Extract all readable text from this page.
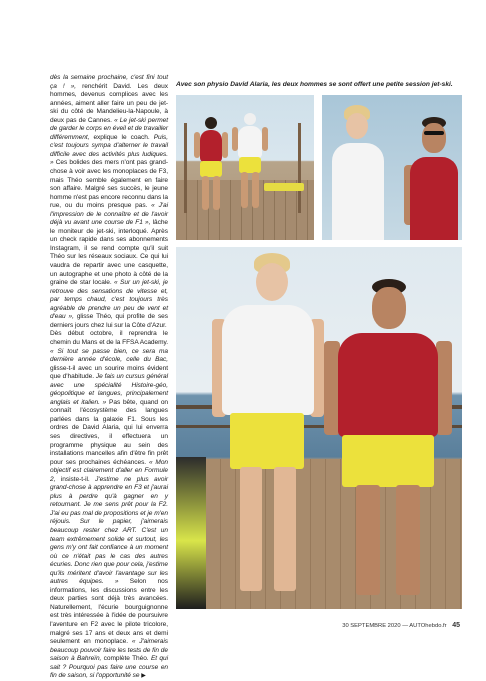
dès la semaine prochaine, c'est fini tout ça ! », renchérit David. Les deux hommes, devenus complices avec les années, aiment aller faire un peu de jet-ski du côté de Mandelieu-la-Napoule, à deux pas de Cannes. « Le jet-ski permet de garder le corps en éveil et de travailler différemment, explique le coach. Puis, c'est toujours sympa d'alterner le travail difficile avec des activités plus ludiques. » Ces bolides des mers n'ont pas grand-chose à voir avec les monoplaces de F3, mais Théo semble également en faire son affaire. Malgré ses succès, le jeune homme n'est pas encore reconnu dans la rue, ou du moins presque pas. « J'ai l'impression de le connaître et de l'avoir déjà vu avant une course de F1 », lâche le moniteur de jet-ski, interloqué. Après un check rapide dans ses abonnements Instagram, il se rend compte qu'il suit Théo sur les réseaux sociaux. Ce qui lui vaudra de repartir avec une casquette, un autographe et une photo à côté de la graine de star locale. « Sur un jet-ski, je retrouve des sensations de vitesse et, par temps chaud, c'est toujours très agréable de prendre un peu de vent et d'eau », glisse Théo, qui profite de ses derniers jours chez lui sur la Côte d'Azur.

Dès début octobre, il reprendra le chemin du Mans et de la FFSA Academy. « Si tout se passe bien, ce sera ma dernière année d'école, celle du Bac, glisse-t-il avec un sourire moins évident que d'habitude. Je fais un cursus général avec une spécialité Histoire-géo, géopolitique et langues, principalement anglais et italien. » Pas bête, quand on connaît l'écosystème des langues parlées dans la galaxie F1. Sous les ordres de David Alaria, qui lui enverra ses directives, il effectuera un programme physique au sein des installations mancelles afin d'être fin prêt pour ses prochaines échéances. « Mon objectif est clairement d'aller en Formule 2, insiste-t-il. J'estime ne plus avoir grand-chose à apprendre en F3 et j'aurai plus à perdre qu'à gagner en y retournant. Je me sens prêt pour la F2. J'ai eu pas mal de propositions et je m'en réjouis. Sur le papier, j'aimerais beaucoup rester chez ART. C'est un team extrêmement solide et surtout, les gens m'y ont fait confiance à un moment où ce n'était pas le cas des autres écuries. Donc rien que pour cela, j'estime qu'ils méritent d'avoir l'avantage sur les autres équipes. » Selon nos informations, les discussions entre les deux parties sont déjà très avancées. Naturellement, l'écurie bourguignonne est très intéressée à l'idée de poursuivre l'aventure en F2 avec le pilote tricolore, malgré ses 17 ans et deux ans et demi seulement en monoplace. « J'aimerais beaucoup pouvoir faire les tests de fin de saison à Bahreïn, complète Théo. Et qui sait ? Pourquoi pas faire une course en fin de saison, si l'opportunité se ▶

Avec son physio David Alaria, les deux hommes se sont offert une petite session jet-ski.
30 SEPTEMBRE 2020 — AUTOhebdo.fr 45
